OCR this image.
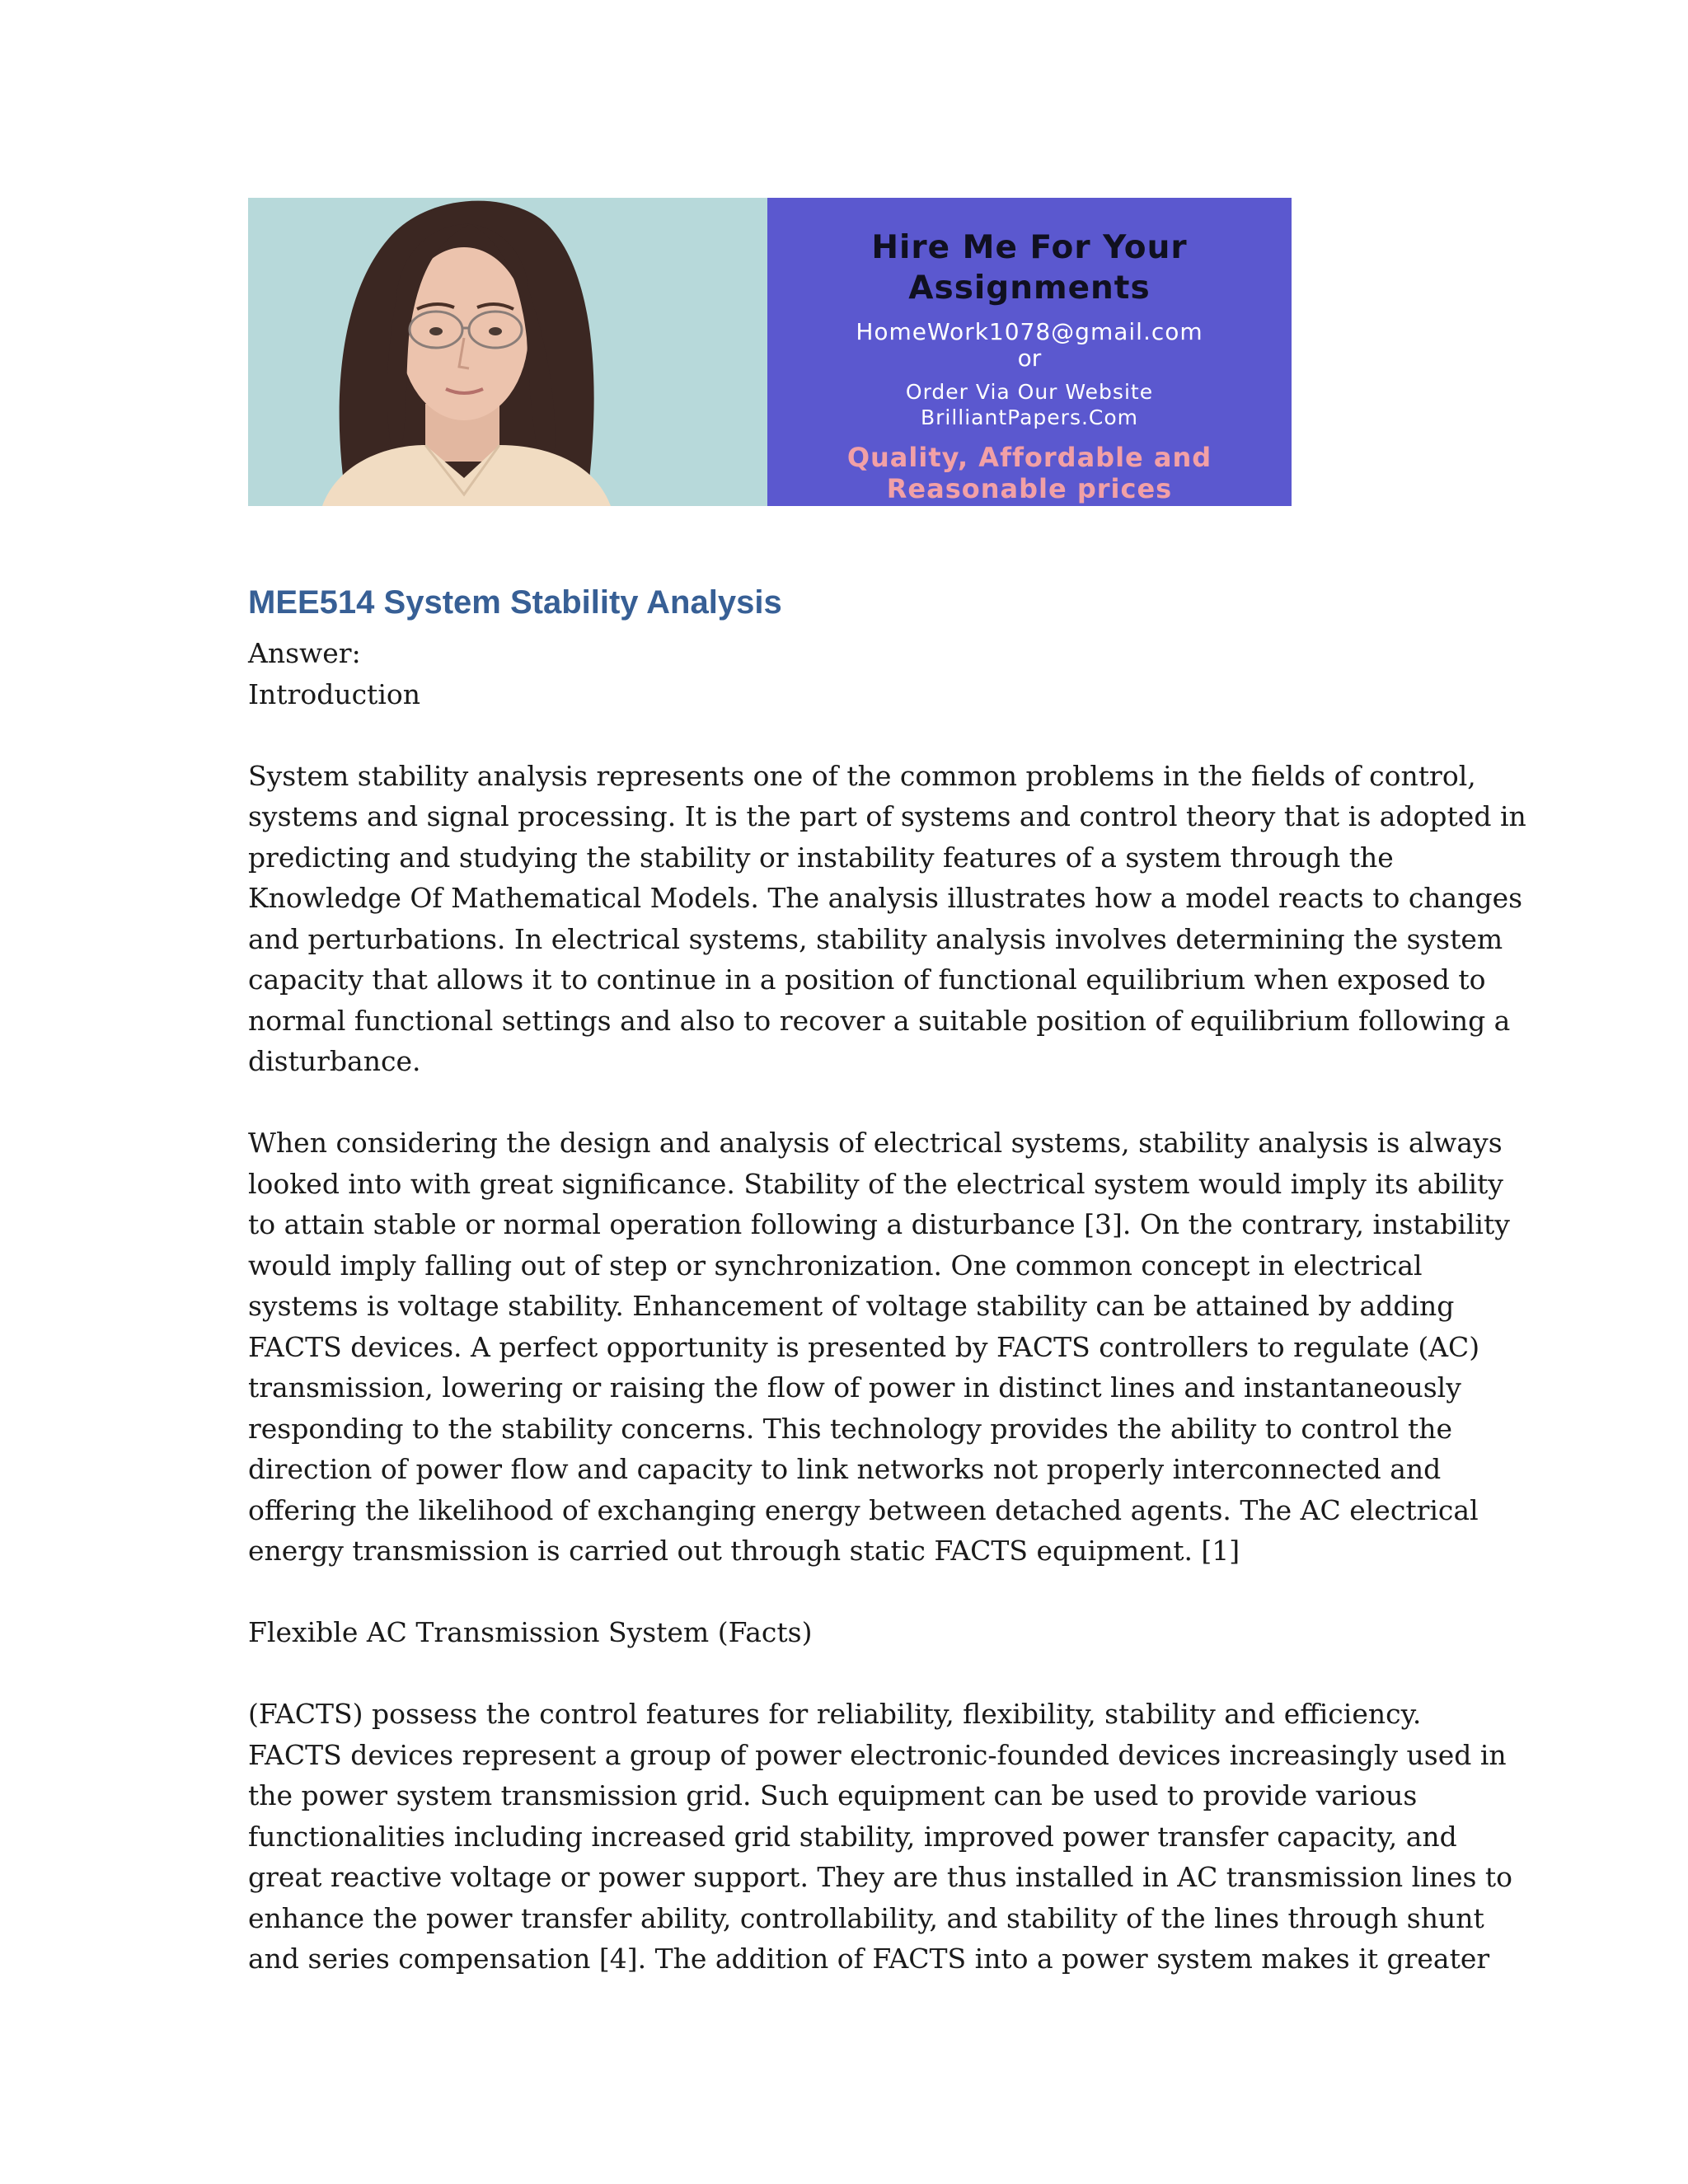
Hire Me For Your
Assignments
HomeWork1078@gmail.com
or
Order Via Our Website
BrilliantPapers.Com
Quality, Affordable and
Reasonable prices
MEE514 System Stability Analysis

Answer:

Introduction

System stability analysis represents one of the common problems in the fields of control,
systems and signal processing. It is the part of systems and control theory that is adopted in
predicting and studying the stability or instability features of a system through the
Knowledge Of Mathematical Models. The analysis illustrates how a model reacts to changes
and perturbations. In electrical systems, stability analysis involves determining the system
capacity that allows it to continue in a position of functional equilibrium when exposed to
normal functional settings and also to recover a suitable position of equilibrium following a
disturbance.

When considering the design and analysis of electrical systems, stability analysis is always
looked into with great significance. Stability of the electrical system would imply its ability
to attain stable or normal operation following a disturbance [3]. On the contrary, instability
would imply falling out of step or synchronization. One common concept in electrical
systems is voltage stability. Enhancement of voltage stability can be attained by adding
FACTS devices. A perfect opportunity is presented by FACTS controllers to regulate (AC)
transmission, lowering or raising the flow of power in distinct lines and instantaneously
responding to the stability concerns. This technology provides the ability to control the
direction of power flow and capacity to link networks not properly interconnected and
offering the likelihood of exchanging energy between detached agents. The AC electrical
energy transmission is carried out through static FACTS equipment. [1]

Flexible AC Transmission System (Facts)

(FACTS) possess the control features for reliability, flexibility, stability and efficiency.
FACTS devices represent a group of power electronic-founded devices increasingly used in
the power system transmission grid. Such equipment can be used to provide various
functionalities including increased grid stability, improved power transfer capacity, and
great reactive voltage or power support. They are thus installed in AC transmission lines to
enhance the power transfer ability, controllability, and stability of the lines through shunt
and series compensation [4]. The addition of FACTS into a power system makes it greater
